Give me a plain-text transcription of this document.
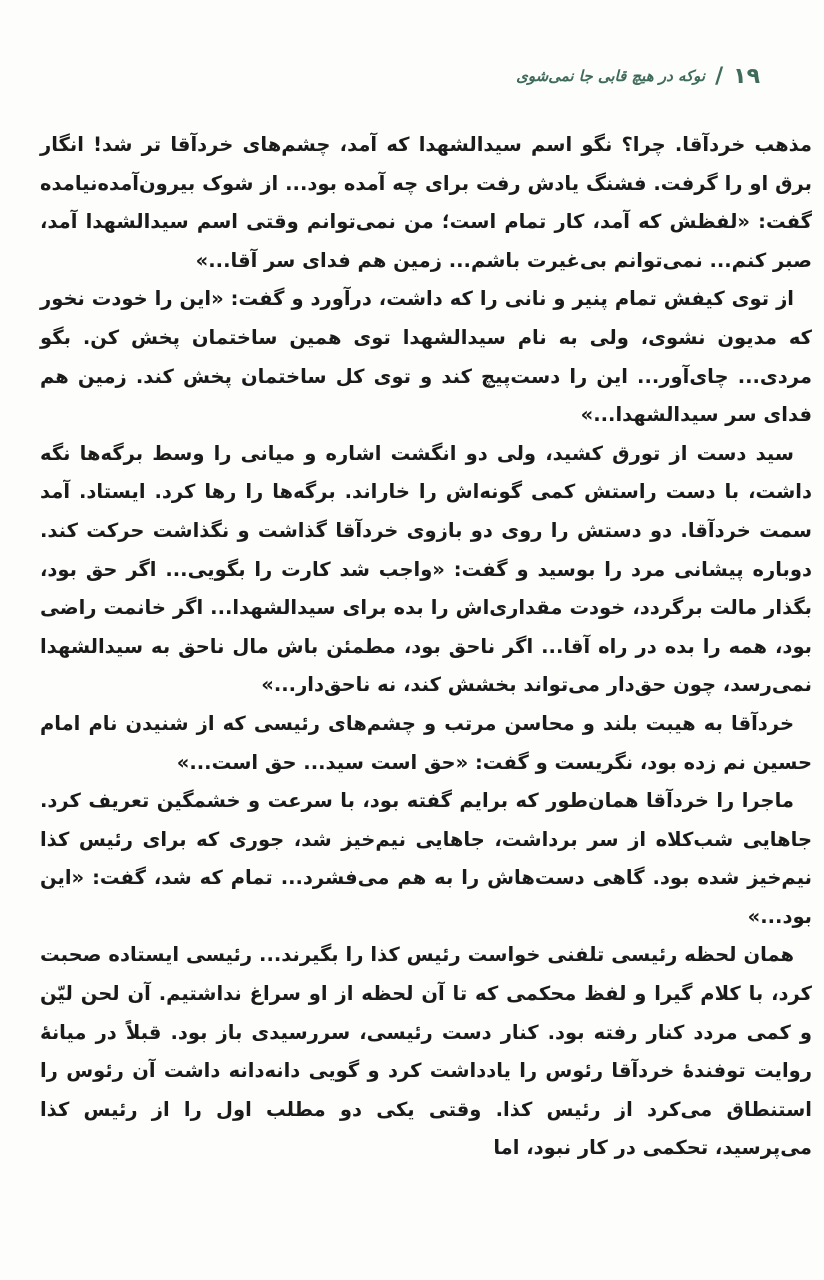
۱۹
/
نوکه در هیچ قابی جا نمی‌شوی

مذهب خردآقا. چرا؟ نگو اسم سیدالشهدا که آمد، چشم‌های خردآقا تر شد! انگار برق او را گرفت. فشنگ یادش رفت برای چه آمده بود... از شوک بیرون‌آمده‌نیامده گفت: «لفظش که آمد، کار تمام است؛ من نمی‌توانم وقتی اسم سیدالشهدا آمد، صبر کنم... نمی‌توانم بی‌غیرت باشم... زمین هم فدای سر آقا...»

از توی کیفش تمام پنیر و نانی را که داشت، درآورد و گفت: «این را خودت نخور که مدیون نشوی، ولی به نام سیدالشهدا توی همین ساختمان پخش کن. بگو مردی... چای‌آور... این را دست‌پیچ کند و توی کل ساختمان پخش کند. زمین هم فدای سر سیدالشهدا...»

سید دست از تورق کشید، ولی دو انگشت اشاره و میانی را وسط برگه‌ها نگه داشت، با دست راستش کمی گونه‌اش را خاراند. برگه‌ها را رها کرد. ایستاد. آمد سمت خردآقا. دو دستش را روی دو بازوی خردآقا گذاشت و نگذاشت حرکت کند. دوباره پیشانی مرد را بوسید و گفت: «واجب شد کارت را بگویی... اگر حق بود، بگذار مالت برگردد، خودت مقداری‌اش را بده برای سیدالشهدا... اگر خانمت راضی بود، همه را بده در راه آقا... اگر ناحق بود، مطمئن باش مال ناحق به سیدالشهدا نمی‌رسد، چون حق‌دار می‌تواند بخشش کند، نه ناحق‌دار...»

خردآقا به هیبت بلند و محاسن مرتب و چشم‌های رئیسی که از شنیدن نام امام حسین نم زده بود، نگریست و گفت: «حق است سید... حق است...»

ماجرا را خردآقا همان‌طور که برایم گفته بود، با سرعت و خشمگین تعریف کرد. جاهایی شب‌کلاه از سر برداشت، جاهایی نیم‌خیز شد، جوری که برای رئیس کذا نیم‌خیز شده بود. گاهی دست‌هاش را به هم می‌فشرد... تمام که شد، گفت: «این بود...»

همان لحظه رئیسی تلفنی خواست رئیس کذا را بگیرند... رئیسی ایستاده صحبت کرد، با کلام گیرا و لفظ محکمی که تا آن لحظه از او سراغ نداشتیم. آن لحن لیّن و کمی مردد کنار رفته بود. کنار دست رئیسی، سررسیدی باز بود. قبلاً در میانهٔ روایت توفندهٔ خردآقا رئوس را یادداشت کرد و گویی دانه‌دانه داشت آن رئوس را استنطاق می‌کرد از رئیس کذا. وقتی یکی دو مطلب اول را از رئیس کذا می‌پرسید، تحکمی در کار نبود، اما
